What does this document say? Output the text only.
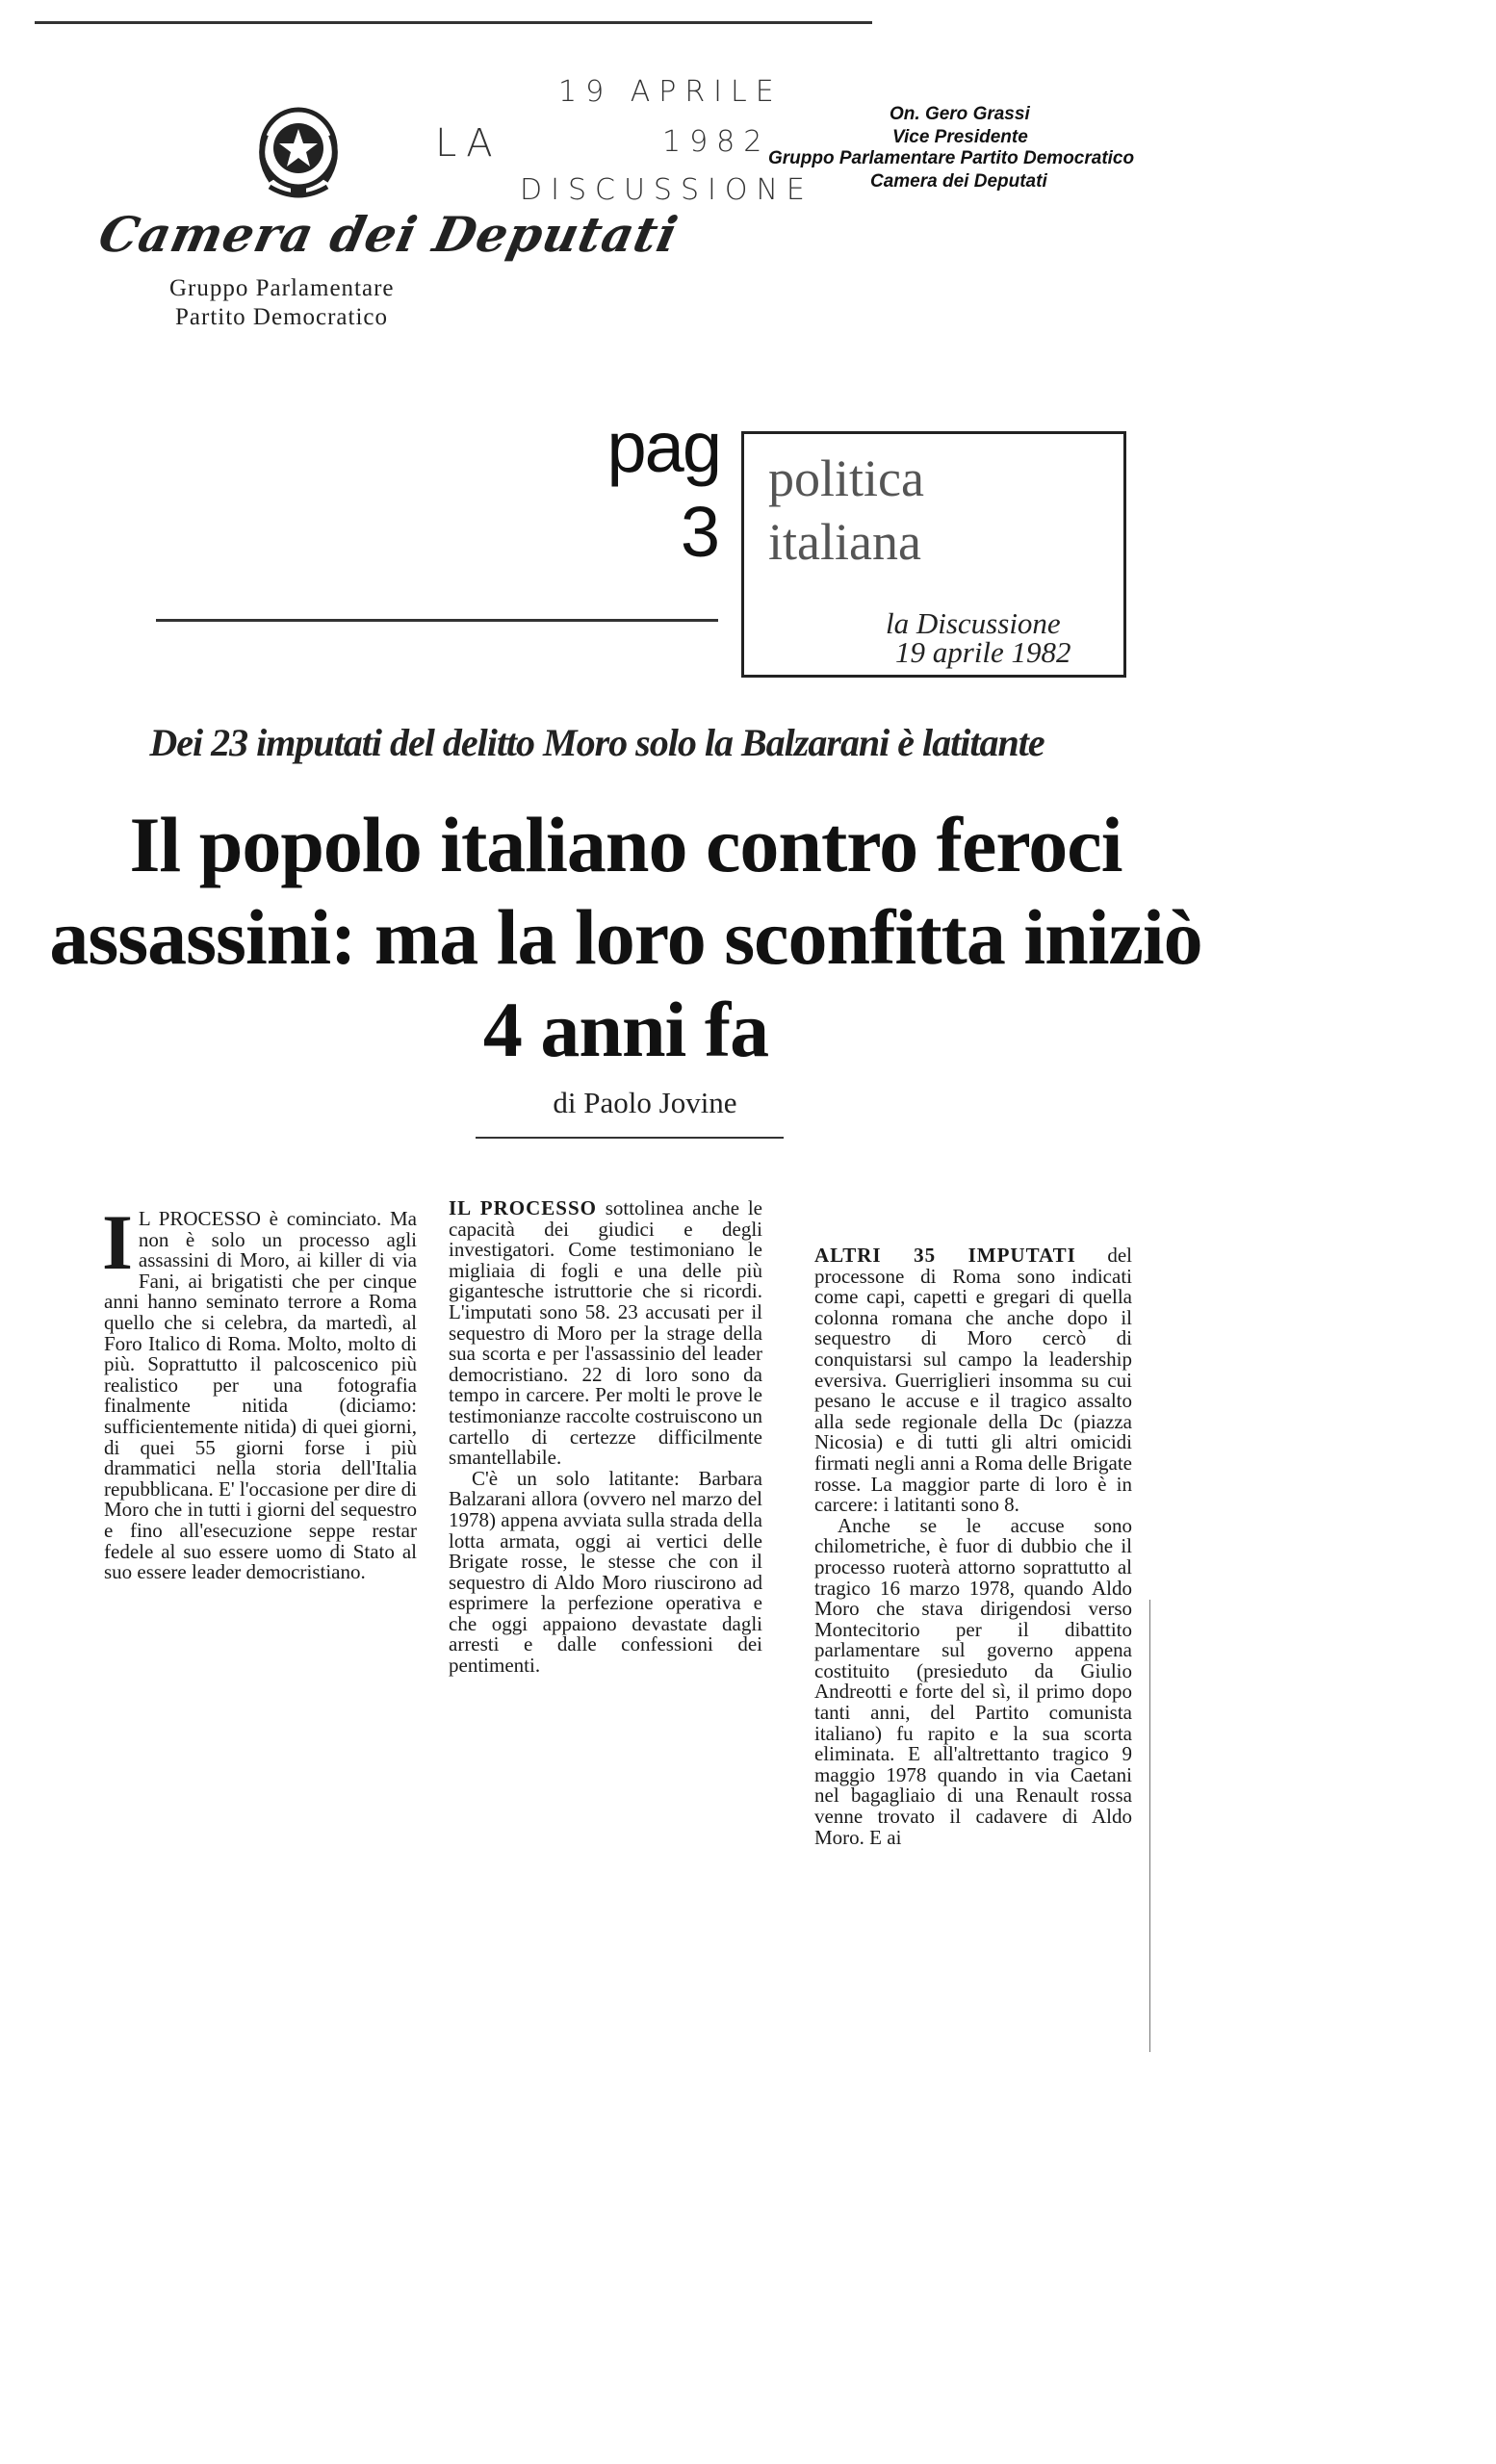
Camera dei Deputati
Gruppo Parlamentare
Partito Democratico
19 APRILE
1982
LA
DISCUSSIONE
On. Gero Grassi
Vice Presidente
Gruppo Parlamentare Partito Democratico
Camera dei Deputati
pag
3
politica
italiana
la Discussione
19 aprile 1982
Dei 23 imputati del delitto Moro solo la Balzarani è latitante
Il popolo italiano contro feroci assassini: ma la loro sconfitta iniziò 4 anni fa
di Paolo Jovine
I L PROCESSO è cominciato. Ma non è solo un processo agli assassini di Moro, ai killer di via Fani, ai brigatisti che per cinque anni hanno seminato terrore a Roma quello che si celebra, da martedì, al Foro Italico di Roma. Molto, molto di più. Soprattutto il palcoscenico più realistico per una fotografia finalmente nitida (diciamo: sufficientemente nitida) di quei giorni, di quei 55 giorni forse i più drammatici nella storia dell'Italia repubblicana. E' l'occasione per dire di Moro che in tutti i giorni del sequestro e fino all'esecuzione seppe restar fedele al suo essere uomo di Stato al suo essere leader democristiano.

IL PROCESSO sottolinea anche le capacità dei giudici e degli investigatori. Come testimoniano le migliaia di fogli e una delle più gigantesche istruttorie che si ricordi. L'imputati sono 58. 23 accusati per il sequestro di Moro per la strage della sua scorta e per l'assassinio del leader democristiano. 22 di loro sono da tempo in carcere. Per molti le prove le testimonianze raccolte costruiscono un cartello di certezze difficilmente smantellabile.

C'è un solo latitante: Barbara Balzarani allora (ovvero nel marzo del 1978) appena avviata sulla strada della lotta armata, oggi ai vertici delle Brigate rosse, le stesse che con il sequestro di Aldo Moro riuscirono ad esprimere la perfezione operativa e che oggi appaiono devastate dagli arresti e dalle confessioni dei pentimenti.

ALTRI 35 IMPUTATI del processone di Roma sono indicati come capi, capetti e gregari di quella colonna romana che anche dopo il sequestro di Moro cercò di conquistarsi sul campo la leadership eversiva. Guerriglieri insomma su cui pesano le accuse e il tragico assalto alla sede regionale della Dc (piazza Nicosia) e di tutti gli altri omicidi firmati negli anni a Roma delle Brigate rosse. La maggior parte di loro è in carcere: i latitanti sono 8.

Anche se le accuse sono chilometriche, è fuor di dubbio che il processo ruoterà attorno soprattutto al tragico 16 marzo 1978, quando Aldo Moro che stava dirigendosi verso Montecitorio per il dibattito parlamentare sul governo appena costituito (presieduto da Giulio Andreotti e forte del sì, il primo dopo tanti anni, del Partito comunista italiano) fu rapito e la sua scorta eliminata. E all'altrettanto tragico 9 maggio 1978 quando in via Caetani nel bagagliaio di una Renault rossa venne trovato il cadavere di Aldo Moro. E ai
